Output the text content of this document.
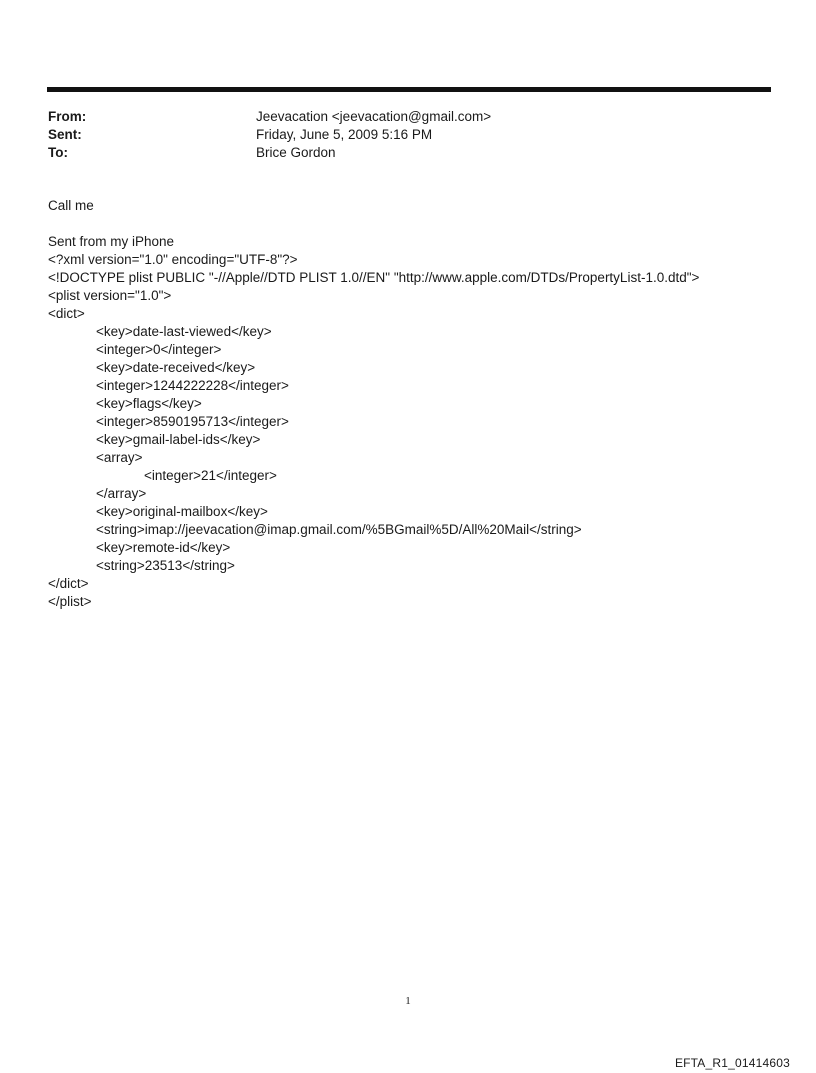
From:	Jeevacation <jeevacation@gmail.com>
Sent:	Friday, June 5, 2009 5:16 PM
To:	Brice Gordon
Call me
Sent from my iPhone
<?xml version="1.0" encoding="UTF-8"?>
<!DOCTYPE plist PUBLIC "-//Apple//DTD PLIST 1.0//EN" "http://www.apple.com/DTDs/PropertyList-1.0.dtd">
<plist version="1.0">
<dict>
<key>date-last-viewed</key>
<integer>0</integer>
<key>date-received</key>
<integer>1244222228</integer>
<key>flags</key>
<integer>8590195713</integer>
<key>gmail-label-ids</key>
<array>
<integer>21</integer>
</array>
<key>original-mailbox</key>
<string>imap://jeevacation@imap.gmail.com/%5BGmail%5D/All%20Mail</string>
<key>remote-id</key>
<string>23513</string>
</dict>
</plist>
1
EFTA_R1_01414603
